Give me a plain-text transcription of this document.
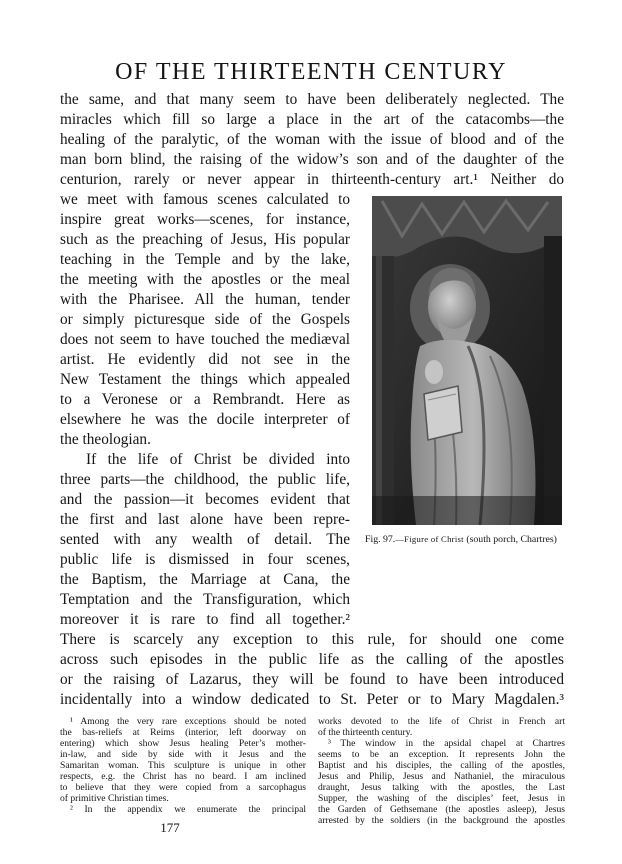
OF THE THIRTEENTH CENTURY
the same, and that many seem to have been deliberately neglected. The
miracles which fill so large a place in the art of the catacombs—the
healing of the paralytic, of the woman with the issue of blood and of the
man born blind, the raising of the widow’s son and of the daughter of the
centurion, rarely or never appear in thirteenth-century art.¹ Neither do
we meet with famous scenes calculated to
inspire great works—scenes, for instance,
such as the preaching of Jesus, His popular
teaching in the Temple and by the lake,
the meeting with the apostles or the meal
with the Pharisee. All the human, tender
or simply picturesque side of the Gospels
does not seem to have touched the mediæval
artist. He evidently did not see in the
New Testament the things which appealed
to a Veronese or a Rembrandt. Here as
elsewhere he was the docile interpreter of
the theologian.
If the life of Christ be divided into
three parts—the childhood, the public life,
and the passion—it becomes evident that
the first and last alone have been repre-
sented with any wealth of detail. The
public life is dismissed in four scenes,
the Baptism, the Marriage at Cana, the
Temptation and the Transfiguration, which
moreover it is rare to find all together.²
There is scarcely any exception to this rule, for should one come
across such episodes in the public life as the calling of the apostles
or the raising of Lazarus, they will be found to have been introduced
incidentally into a window dedicated to St. Peter or to Mary Magdalen.³
Fig. 97.—Figure of Christ (south porch, Chartres)
¹ Among the very rare exceptions should be noted
the bas-reliefs at Reims (interior, left doorway on
entering) which show Jesus healing Peter’s mother-
in-law, and side by side with it Jesus and the
Samaritan woman. This sculpture is unique in other
respects, e.g. the Christ has no beard. I am inclined
to believe that they were copied from a sarcophagus
of primitive Christian times.
² In the appendix we enumerate the principal
works devoted to the life of Christ in French art
of the thirteenth century.
³ The window in the apsidal chapel at Chartres
seems to be an exception. It represents John the
Baptist and his disciples, the calling of the apostles,
Jesus and Philip, Jesus and Nathaniel, the miraculous
draught, Jesus talking with the apostles, the Last
Supper, the washing of the disciples’ feet, Jesus in
the Garden of Gethsemane (the apostles asleep), Jesus
arrested by the soldiers (in the background the apostles
177
